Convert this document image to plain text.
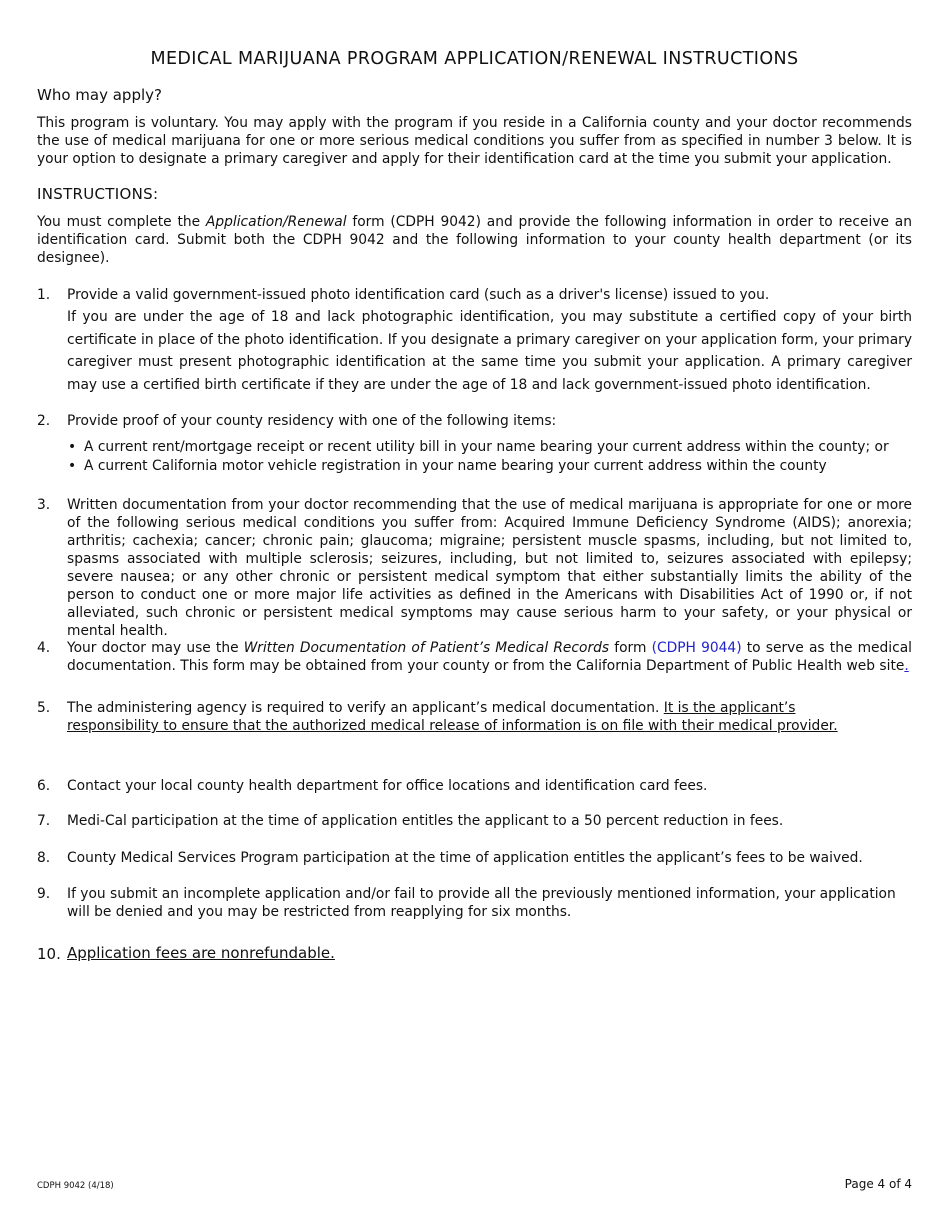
MEDICAL MARIJUANA PROGRAM APPLICATION/RENEWAL INSTRUCTIONS
Who may apply?
This program is voluntary. You may apply with the program if you reside in a California county and your doctor recommends the use of medical marijuana for one or more serious medical conditions you suffer from as specified in number 3 below. It is your option to designate a primary caregiver and apply for their identification card at the time you submit your application.
INSTRUCTIONS:
You must complete the Application/Renewal form (CDPH 9042) and provide the following information in order to receive an identification card. Submit both the CDPH 9042 and the following information to your county health department (or its designee).
1. Provide a valid government-issued photo identification card (such as a driver's license) issued to you.
If you are under the age of 18 and lack photographic identification, you may substitute a certified copy of your birth certificate in place of the photo identification. If you designate a primary caregiver on your application form, your primary caregiver must present photographic identification at the same time you submit your application. A primary caregiver may use a certified birth certificate if they are under the age of 18 and lack government-issued photo identification.
2. Provide proof of your county residency with one of the following items:
• A current rent/mortgage receipt or recent utility bill in your name bearing your current address within the county; or
• A current California motor vehicle registration in your name bearing your current address within the county
3. Written documentation from your doctor recommending that the use of medical marijuana is appropriate for one or more of the following serious medical conditions you suffer from: Acquired Immune Deficiency Syndrome (AIDS); anorexia; arthritis; cachexia; cancer; chronic pain; glaucoma; migraine; persistent muscle spasms, including, but not limited to, spasms associated with multiple sclerosis; seizures, including, but not limited to, seizures associated with epilepsy; severe nausea; or any other chronic or persistent medical symptom that either substantially limits the ability of the person to conduct one or more major life activities as defined in the Americans with Disabilities Act of 1990 or, if not alleviated, such chronic or persistent medical symptoms may cause serious harm to your safety, or your physical or mental health.
4. Your doctor may use the Written Documentation of Patient’s Medical Records form (CDPH 9044) to serve as the medical documentation. This form may be obtained from your county or from the California Department of Public Health web site.
5. The administering agency is required to verify an applicant’s medical documentation. It is the applicant’s responsibility to ensure that the authorized medical release of information is on file with their medical provider.
6. Contact your local county health department for office locations and identification card fees.
7. Medi-Cal participation at the time of application entitles the applicant to a 50 percent reduction in fees.
8. County Medical Services Program participation at the time of application entitles the applicant’s fees to be waived.
9. If you submit an incomplete application and/or fail to provide all the previously mentioned information, your application will be denied and you may be restricted from reapplying for six months.
10. Application fees are nonrefundable.
CDPH 9042 (4/18)	Page 4 of 4
